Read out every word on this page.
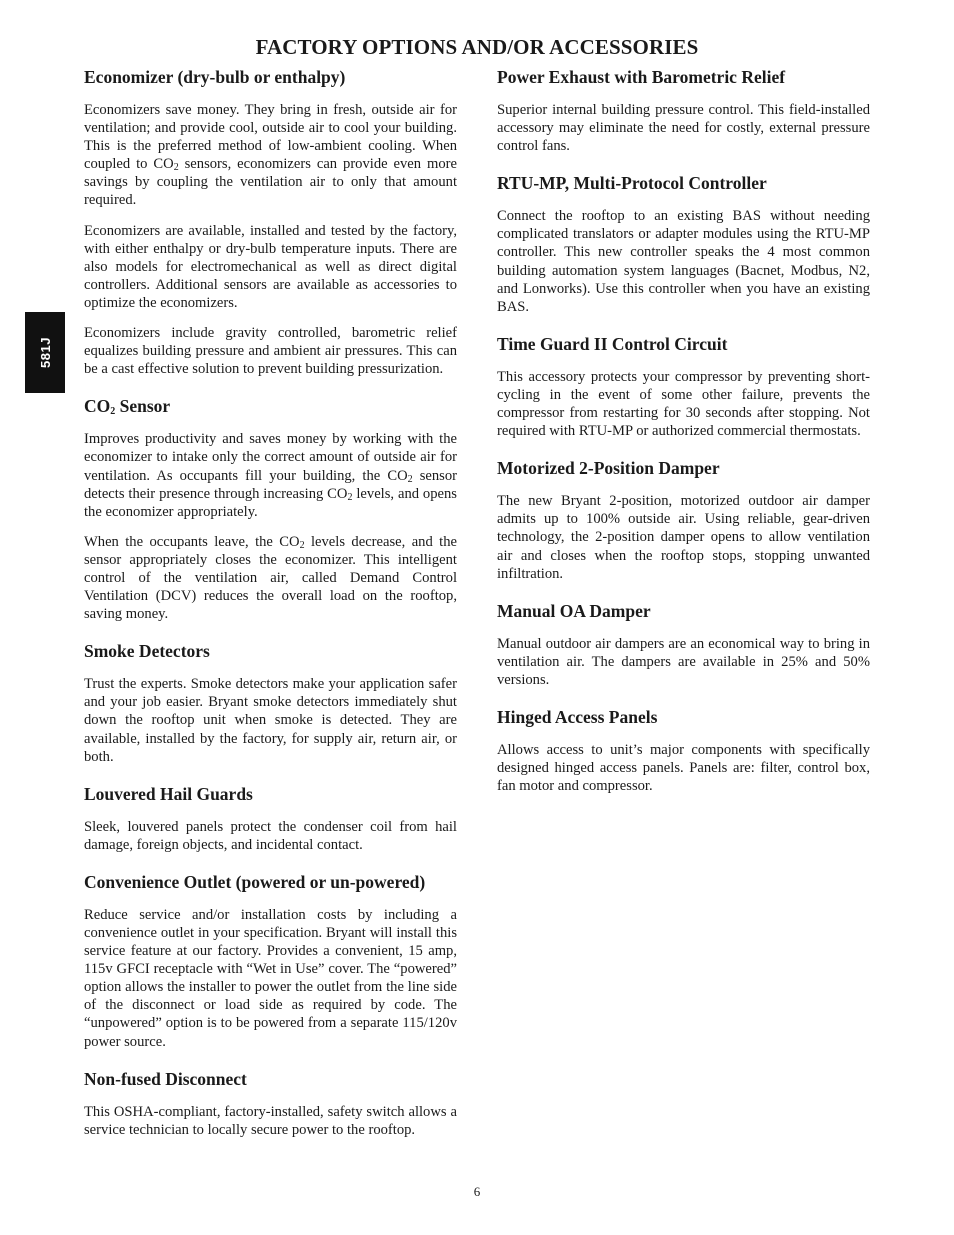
FACTORY OPTIONS AND/OR ACCESSORIES
581J
Economizer (dry-bulb or enthalpy)

Economizers save money. They bring in fresh, outside air for ventilation; and provide cool, outside air to cool your building. This is the preferred method of low-ambient cooling. When coupled to $CO_2$ sensors, economizers can provide even more savings by coupling the ventilation air to only that amount required.

Economizers are available, installed and tested by the factory, with either enthalpy or dry-bulb temperature inputs. There are also models for electromechanical as well as direct digital controllers. Additional sensors are available as accessories to optimize the economizers.

Economizers include gravity controlled, barometric relief equalizes building pressure and ambient air pressures. This can be a cast effective solution to prevent building pressurization.

$CO_2$ Sensor

Improves productivity and saves money by working with the economizer to intake only the correct amount of outside air for ventilation. As occupants fill your building, the $CO_2$ sensor detects their presence through increasing $CO_2$ levels, and opens the economizer appropriately.

When the occupants leave, the $CO_2$ levels decrease, and the sensor appropriately closes the economizer. This intelligent control of the ventilation air, called Demand Control Ventilation (DCV) reduces the overall load on the rooftop, saving money.

Smoke Detectors

Trust the experts. Smoke detectors make your application safer and your job easier. Bryant smoke detectors immediately shut down the rooftop unit when smoke is detected. They are available, installed by the factory, for supply air, return air, or both.

Louvered Hail Guards

Sleek, louvered panels protect the condenser coil from hail damage, foreign objects, and incidental contact.

Convenience Outlet (powered or un-powered)

Reduce service and/or installation costs by including a convenience outlet in your specification. Bryant will install this service feature at our factory. Provides a convenient, 15 amp, 115v GFCI receptacle with “Wet in Use” cover. The “powered” option allows the installer to power the outlet from the line side of the disconnect or load side as required by code. The “unpowered” option is to be powered from a separate 115/120v power source.

Non-fused Disconnect

This OSHA-compliant, factory-installed, safety switch allows a service technician to locally secure power to the rooftop.

Power Exhaust with Barometric Relief

Superior internal building pressure control. This field-installed accessory may eliminate the need for costly, external pressure control fans.

RTU-MP, Multi-Protocol Controller

Connect the rooftop to an existing BAS without needing complicated translators or adapter modules using the RTU-MP controller. This new controller speaks the 4 most common building automation system languages (Bacnet, Modbus, N2, and Lonworks). Use this controller when you have an existing BAS.

Time Guard II Control Circuit

This accessory protects your compressor by preventing short-cycling in the event of some other failure, prevents the compressor from restarting for 30 seconds after stopping. Not required with RTU-MP or authorized commercial thermostats.

Motorized 2-Position Damper

The new Bryant 2-position, motorized outdoor air damper admits up to 100% outside air. Using reliable, gear-driven technology, the 2-position damper opens to allow ventilation air and closes when the rooftop stops, stopping unwanted infiltration.

Manual OA Damper

Manual outdoor air dampers are an economical way to bring in ventilation air. The dampers are available in 25% and 50% versions.

Hinged Access Panels

Allows access to unit’s major components with specifically designed hinged access panels. Panels are: filter, control box, fan motor and compressor.

6
